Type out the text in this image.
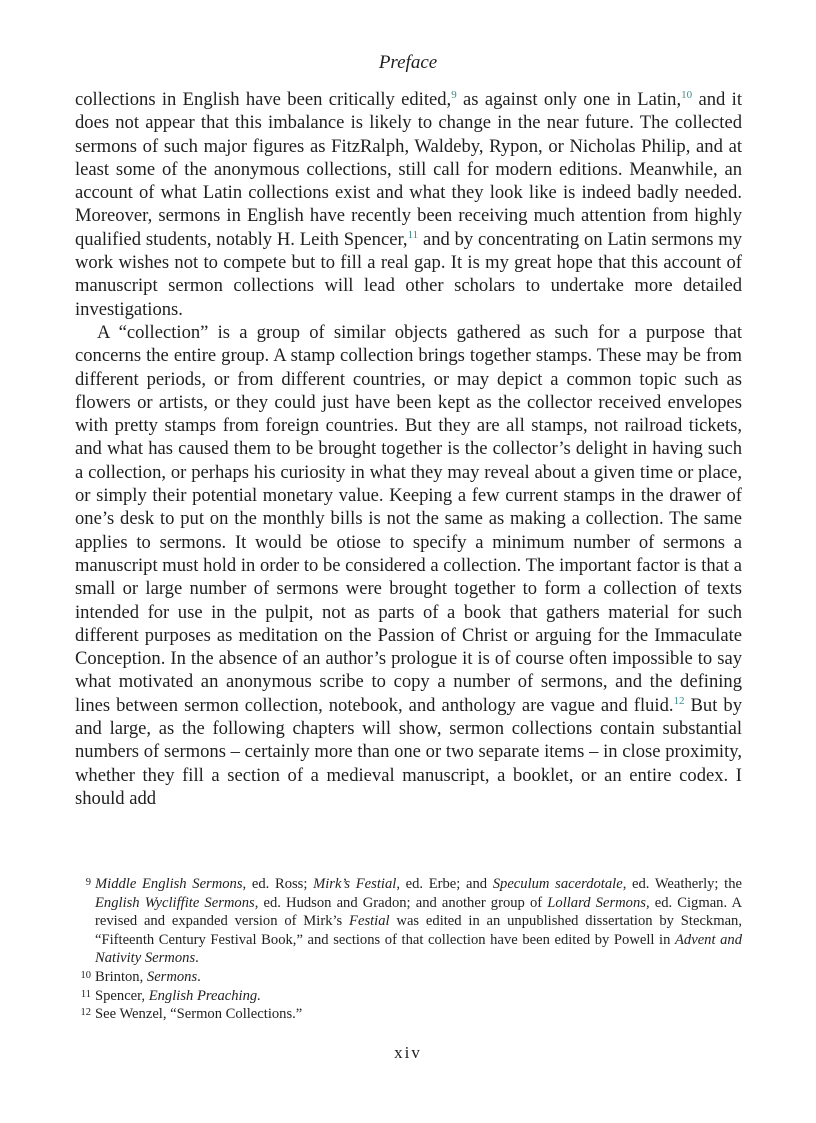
Preface

collections in English have been critically edited,$^9$ as against only one in Latin,$^{10}$ and it does not appear that this imbalance is likely to change in the near future. The collected sermons of such major figures as FitzRalph, Waldeby, Rypon, or Nicholas Philip, and at least some of the anonymous collections, still call for modern editions. Meanwhile, an account of what Latin collections exist and what they look like is indeed badly needed. Moreover, sermons in English have recently been receiving much attention from highly qualified students, notably H. Leith Spencer,$^{11}$ and by concentrating on Latin sermons my work wishes not to compete but to fill a real gap. It is my great hope that this account of manuscript sermon collections will lead other scholars to undertake more detailed investigations.

A “collection” is a group of similar objects gathered as such for a purpose that concerns the entire group. A stamp collection brings together stamps. These may be from different periods, or from different countries, or may depict a common topic such as flowers or artists, or they could just have been kept as the collector received envelopes with pretty stamps from foreign countries. But they are all stamps, not railroad tickets, and what has caused them to be brought together is the collector’s delight in having such a collection, or perhaps his curiosity in what they may reveal about a given time or place, or simply their potential monetary value. Keeping a few current stamps in the drawer of one’s desk to put on the monthly bills is not the same as making a collection. The same applies to sermons. It would be otiose to specify a minimum number of sermons a manuscript must hold in order to be considered a collection. The important factor is that a small or large number of sermons were brought together to form a collection of texts intended for use in the pulpit, not as parts of a book that gathers material for such different purposes as meditation on the Passion of Christ or arguing for the Immaculate Conception. In the absence of an author’s prologue it is of course often impossible to say what motivated an anonymous scribe to copy a number of sermons, and the defining lines between sermon collection, notebook, and anthology are vague and fluid.$^{12}$ But by and large, as the following chapters will show, sermon collections contain substantial numbers of sermons – certainly more than one or two separate items – in close proximity, whether they fill a section of a medieval manuscript, a booklet, or an entire codex. I should add

9 Middle English Sermons, ed. Ross; Mirk’s Festial, ed. Erbe; and Speculum sacerdotale, ed. Weatherly; the English Wycliffite Sermons, ed. Hudson and Gradon; and another group of Lollard Sermons, ed. Cigman. A revised and expanded version of Mirk’s Festial was edited in an unpublished dissertation by Steckman, “Fifteenth Century Festival Book,” and sections of that collection have been edited by Powell in Advent and Nativity Sermons.
10 Brinton, Sermons.
11 Spencer, English Preaching.
12 See Wenzel, “Sermon Collections.”
xiv
